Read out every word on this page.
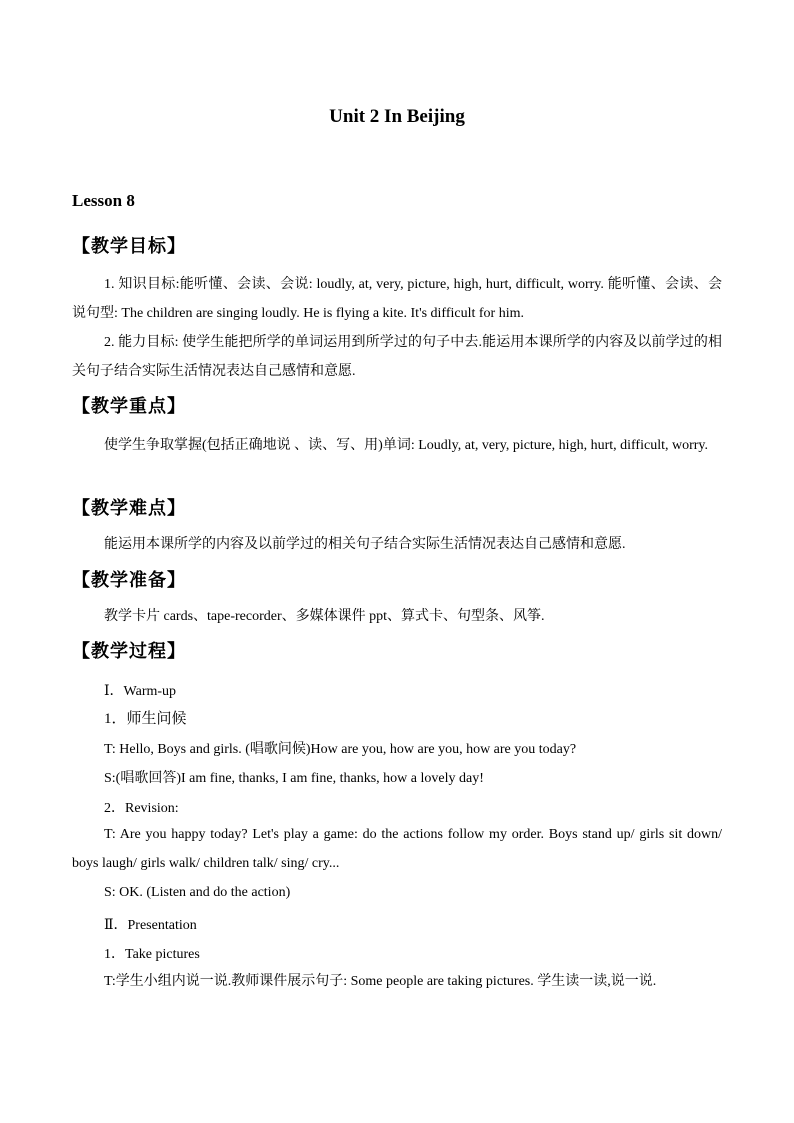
Unit 2 In Beijing
Lesson 8
【教学目标】
1. 知识目标:能听懂、会读、会说: loudly, at, very, picture, high, hurt, difficult, worry. 能听懂、会读、会说句型: The children are singing loudly. He is flying a kite. It's difficult for him.
2. 能力目标: 使学生能把所学的单词运用到所学过的句子中去.能运用本课所学的内容及以前学过的相关句子结合实际生活情况表达自己感情和意愿.
【教学重点】
使学生争取掌握(包括正确地说 、读、写、用)单词: Loudly, at, very, picture, high, hurt, difficult, worry.
【教学难点】
能运用本课所学的内容及以前学过的相关句子结合实际生活情况表达自己感情和意愿.
【教学准备】
教学卡片 cards、tape-recorder、多媒体课件 ppt、算式卡、句型条、风筝.
【教学过程】
Ⅰ．Warm-up
1．师生问候
T: Hello, Boys and girls. (唱歌问候)How are you, how are you, how are you today?
S:(唱歌回答)I am fine, thanks, I am fine, thanks, how a lovely day!
2．Revision:
T: Are you happy today? Let's play a game: do the actions follow my order. Boys stand up/ girls sit down/ boys laugh/ girls walk/ children talk/ sing/ cry...
S: OK. (Listen and do the action)
Ⅱ．Presentation
1．Take pictures
T:学生小组内说一说.教师课件展示句子: Some people are taking pictures. 学生读一读,说一说.
